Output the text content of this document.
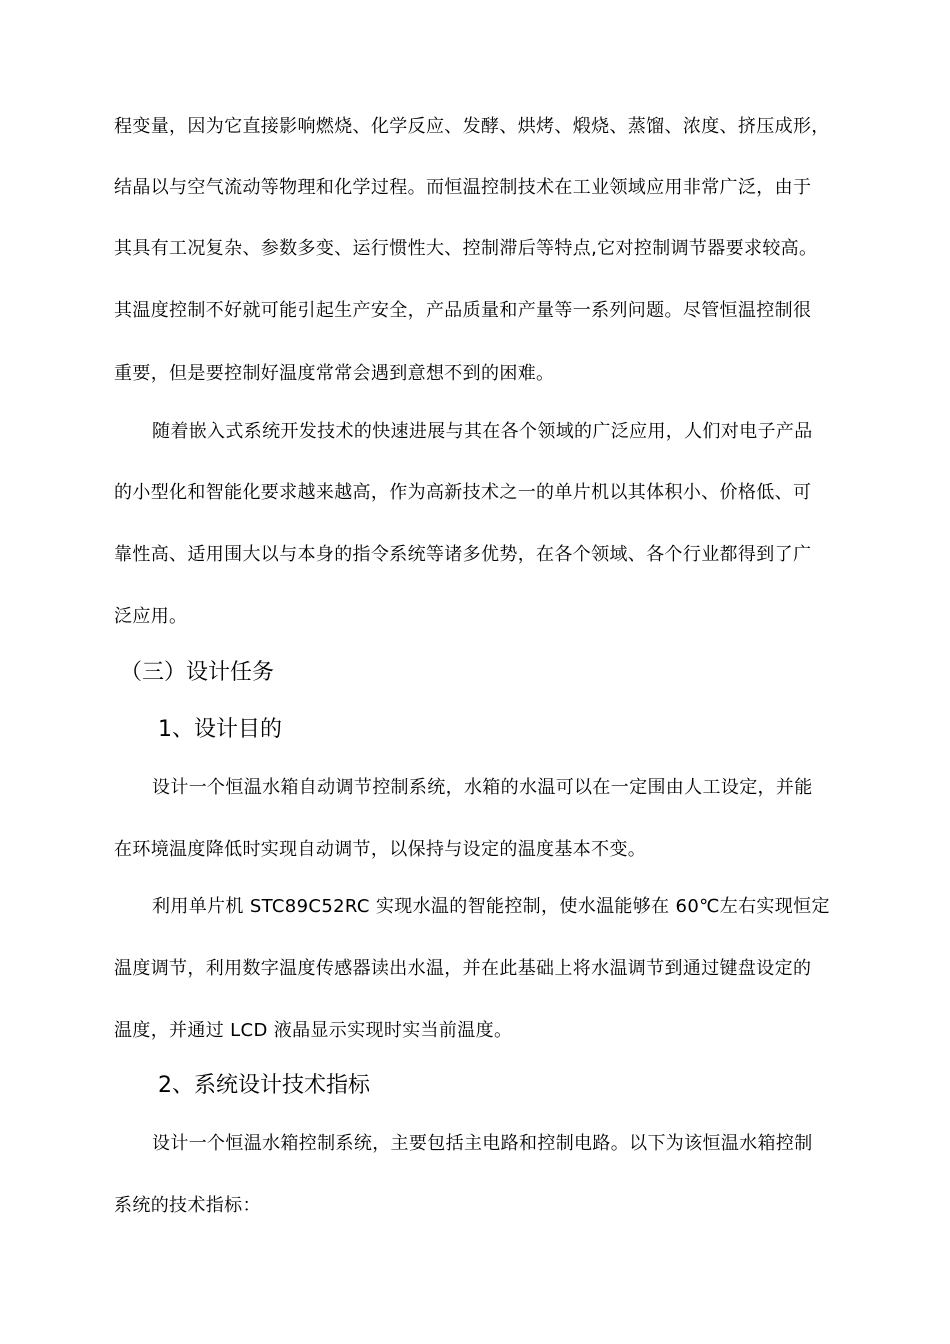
程变量，因为它直接影响燃烧、化学反应、发酵、烘烤、煅烧、蒸馏、浓度、挤压成形，
结晶以与空气流动等物理和化学过程。而恒温控制技术在工业领域应用非常广泛，由于
其具有工况复杂、参数多变、运行惯性大、控制滞后等特点,它对控制调节器要求较高。
其温度控制不好就可能引起生产安全，产品质量和产量等一系列问题。尽管恒温控制很
重要，但是要控制好温度常常会遇到意想不到的困难。
随着嵌入式系统开发技术的快速进展与其在各个领域的广泛应用，人们对电子产品
的小型化和智能化要求越来越高，作为高新技术之一的单片机以其体积小、价格低、可
靠性高、适用围大以与本身的指令系统等诸多优势，在各个领域、各个行业都得到了广
泛应用。
（三）设计任务
1、设计目的
设计一个恒温水箱自动调节控制系统，水箱的水温可以在一定围由人工设定，并能
在环境温度降低时实现自动调节，以保持与设定的温度基本不变。
利用单片机 STC89C52RC 实现水温的智能控制，使水温能够在 60℃左右实现恒定
温度调节，利用数字温度传感器读出水温，并在此基础上将水温调节到通过键盘设定的
温度，并通过 LCD 液晶显示实现时实当前温度。
2、系统设计技术指标
设计一个恒温水箱控制系统，主要包括主电路和控制电路。以下为该恒温水箱控制
系统的技术指标：
